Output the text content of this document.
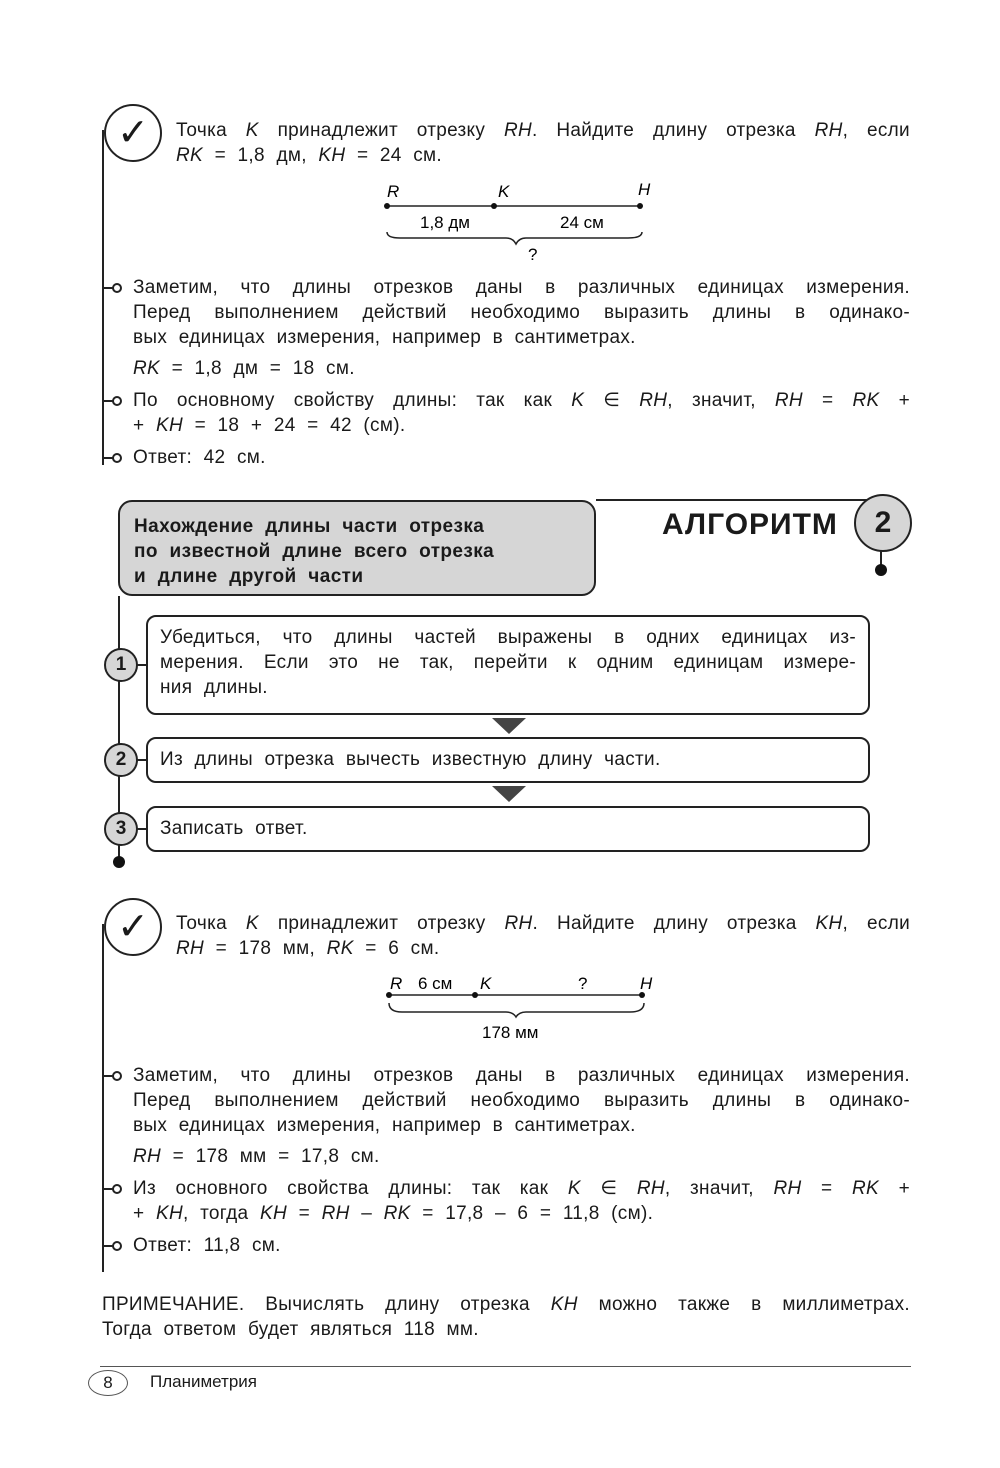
✓	Точка K принадлежит отрезку RH. Найдите длину отрезка RH, если
RK = 1,8 дм, KH = 24 см.
R	K	H
1,8 дм	24 см
?
Заметим, что длины отрезков даны в различных единицах измерения.
Перед выполнением действий необходимо выразить длины в одинако-
вых единицах измерения, например в сантиметрах.
RK = 1,8 дм = 18 см.
По основному свойству длины: так как K ∈ RH, значит, RH = RK +
+ KH = 18 + 24 = 42 (см).
Ответ: 42 см.
Нахождение длины части отрезка
по известной длине всего отрезка
и длине другой части
АЛГОРИТМ	2
1
Убедиться, что длины частей выражены в одних единицах из-
мерения. Если это не так, перейти к одним единицам измере-
ния длины.
2	Из длины отрезка вычесть известную длину части.
3	Записать ответ.
✓	Точка K принадлежит отрезку RH. Найдите длину отрезка KH, если
RH = 178 мм, RK = 6 см.
R	K	H
6 см	?
178 мм
Заметим, что длины отрезков даны в различных единицах измерения.
Перед выполнением действий необходимо выразить длины в одинако-
вых единицах измерения, например в сантиметрах.
RH = 178 мм = 17,8 см.
Из основного свойства длины: так как K ∈ RH, значит, RH = RK +
+ KH, тогда KH = RH – RK = 17,8 – 6 = 11,8 (см).
Ответ: 11,8 см.
ПРИМЕЧАНИЕ. Вычислять длину отрезка KH можно также в миллиметрах.
Тогда ответом будет являться 118 мм.
8	Планиметрия
